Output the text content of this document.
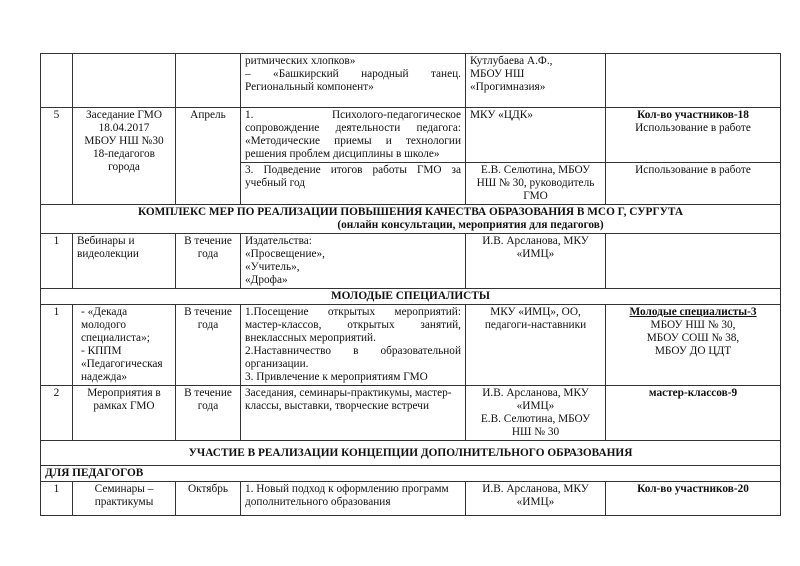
			ритмических хлопков»
– «Башкирский народный танец. Региональный компонент»	Кутлубаева А.Ф.,
МБОУ НШ
«Прогимназия»	

5	Заседание ГМО
18.04.2017
МБОУ НШ №30
18-педагогов
города	Апрель	1. Психолого-педагогическое сопровождение деятельности педагога: «Методические приемы и технологии решения проблем дисциплины в школе»	МКУ «ЦДК»	Кол-во участников-18
Использование в работе

			3. Подведение итогов работы ГМО за учебный год	Е.В. Селютина, МБОУ НШ № 30, руководитель ГМО	Использование в работе

КОМПЛЕКС МЕР ПО РЕАЛИЗАЦИИ ПОВЫШЕНИЯ КАЧЕСТВА ОБРАЗОВАНИЯ В МСО Г, СУРГУТА
(онлайн консультации, мероприятия для педагогов)					

1	Вебинары и видеолекции	В течение года	Издательства:
«Просвещение»,
«Учитель»,
«Дрофа»	И.В. Арсланова, МКУ «ИМЦ»	
МОЛОДЫЕ СПЕЦИАЛИСТЫ					
1	- «Декада молодого специалиста»;
- КППМ «Педагогическая надежда»	В течение года	1.Посещение открытых мероприятий: мастер-классов, открытых занятий, внеклассных мероприятий.
2.Наставничество в образовательной организации.
3. Привлечение к мероприятиям ГМО	МКУ «ИМЦ», ОО, педагоги-наставники	Молодые специалисты-3
МБОУ НШ № 30,
МБОУ СОШ № 38,
МБОУ ДО ЦДТ

2	Мероприятия в рамках ГМО	В течение года	Заседания, семинары-практикумы, мастер-классы, выставки, творческие встречи	И.В. Арсланова, МКУ «ИМЦ»
Е.В. Селютина, МБОУ НШ № 30	мастер-классов-9
УЧАСТИЕ В РЕАЛИЗАЦИИ КОНЦЕПЦИИ ДОПОЛНИТЕЛЬНОГО ОБРАЗОВАНИЯ					
ДЛЯ ПЕДАГОГОВ					
1	Семинары – практикумы	Октябрь	1. Новый подход к оформлению программ дополнительного образования	И.В. Арсланова, МКУ «ИМЦ»	Кол-во участников-20
